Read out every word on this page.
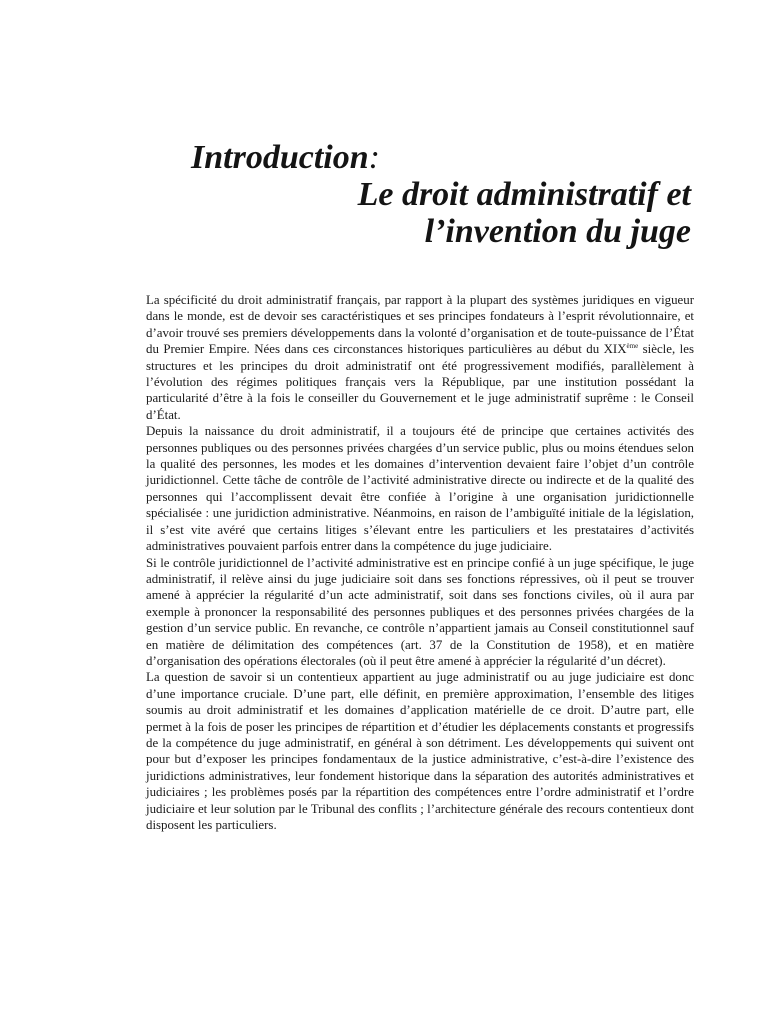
Introduction:
Le droit administratif et
l’invention du juge

La spécificité du droit administratif français, par rapport à la plupart des systèmes juridiques en vigueur dans le monde, est de devoir ses caractéristiques et ses principes fondateurs à l’esprit révolutionnaire, et d’avoir trouvé ses premiers développements dans la volonté d’organisation et de toute-puissance de l’État du Premier Empire. Nées dans ces circonstances historiques particulières au début du XIXème siècle, les structures et les principes du droit administratif ont été progressivement modifiés, parallèlement à l’évolution des régimes politiques français vers la République, par une institution possédant la particularité d’être à la fois le conseiller du Gouvernement et le juge administratif suprême : le Conseil d’État.

Depuis la naissance du droit administratif, il a toujours été de principe que certaines activités des personnes publiques ou des personnes privées chargées d’un service public, plus ou moins étendues selon la qualité des personnes, les modes et les domaines d’intervention devaient faire l’objet d’un contrôle juridictionnel. Cette tâche de contrôle de l’activité administrative directe ou indirecte et de la qualité des personnes qui l’accomplissent devait être confiée à l’origine à une organisation juridictionnelle spécialisée : une juridiction administrative. Néanmoins, en raison de l’ambiguïté initiale de la législation, il s’est vite avéré que certains litiges s’élevant entre les particuliers et les prestataires d’activités administratives pouvaient parfois entrer dans la compétence du juge judiciaire.

Si le contrôle juridictionnel de l’activité administrative est en principe confié à un juge spécifique, le juge administratif, il relève ainsi du juge judiciaire soit dans ses fonctions répressives, où il peut se trouver amené à apprécier la régularité d’un acte administratif, soit dans ses fonctions civiles, où il aura par exemple à prononcer la responsabilité des personnes publiques et des personnes privées chargées de la gestion d’un service public. En revanche, ce contrôle n’appartient jamais au Conseil constitutionnel sauf en matière de délimitation des compétences (art. 37 de la Constitution de 1958), et en matière d’organisation des opérations électorales (où il peut être amené à apprécier la régularité d’un décret).

La question de savoir si un contentieux appartient au juge administratif ou au juge judiciaire est donc d’une importance cruciale. D’une part, elle définit, en première approximation, l’ensemble des litiges soumis au droit administratif et les domaines d’application matérielle de ce droit. D’autre part, elle permet à la fois de poser les principes de répartition et d’étudier les déplacements constants et progressifs de la compétence du juge administratif, en général à son détriment. Les développements qui suivent ont pour but d’exposer les principes fondamentaux de la justice administrative, c’est-à-dire l’existence des juridictions administratives, leur fondement historique dans la séparation des autorités administratives et judiciaires ; les problèmes posés par la répartition des compétences entre l’ordre administratif et l’ordre judiciaire et leur solution par le Tribunal des conflits ; l’architecture générale des recours contentieux dont disposent les particuliers.
